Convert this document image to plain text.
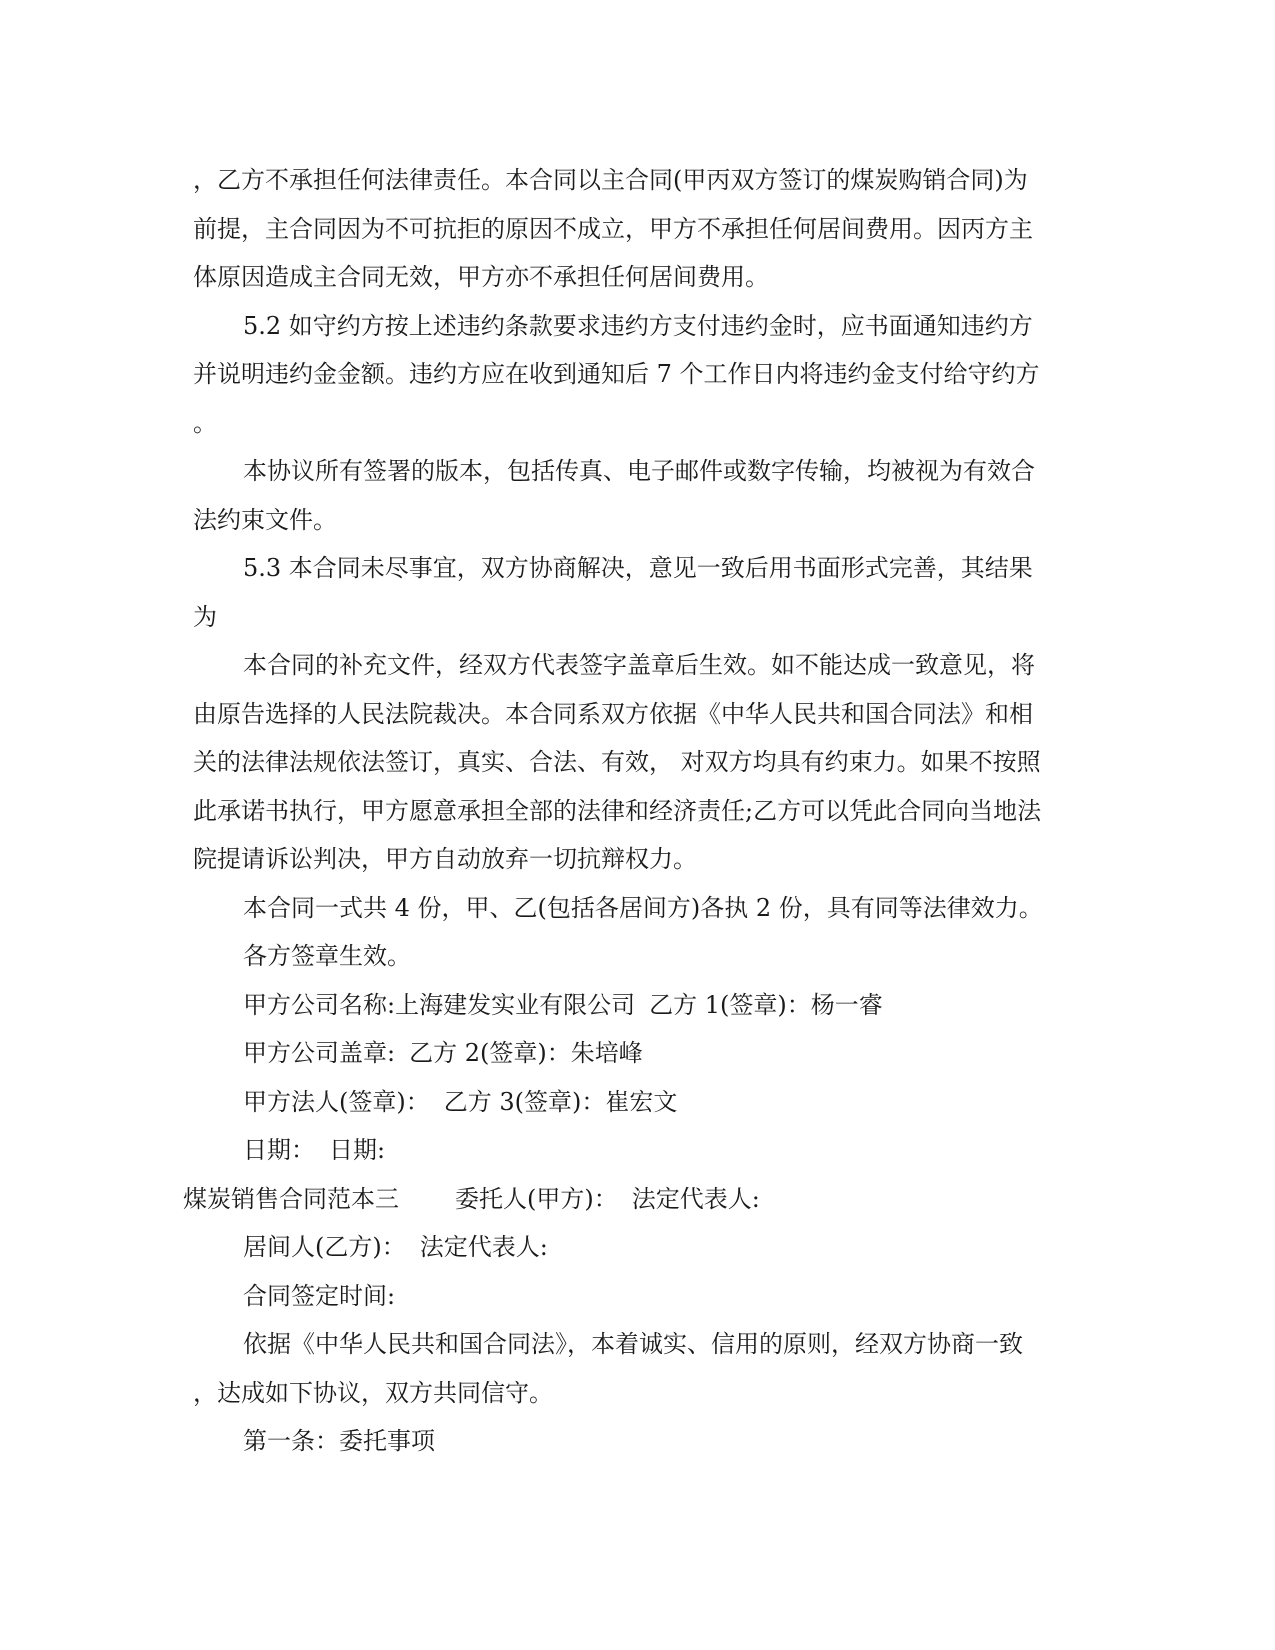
，乙方不承担任何法律责任。本合同以主合同(甲丙双方签订的煤炭购销合同)为
前提，主合同因为不可抗拒的原因不成立，甲方不承担任何居间费用。因丙方主
体原因造成主合同无效，甲方亦不承担任何居间费用。
5.2 如守约方按上述违约条款要求违约方支付违约金时，应书面通知违约方
并说明违约金金额。违约方应在收到通知后 7 个工作日内将违约金支付给守约方
。
本协议所有签署的版本，包括传真、电子邮件或数字传输，均被视为有效合
法约束文件。
5.3 本合同未尽事宜，双方协商解决，意见一致后用书面形式完善，其结果
为
本合同的补充文件，经双方代表签字盖章后生效。如不能达成一致意见，将
由原告选择的人民法院裁决。本合同系双方依据《中华人民共和国合同法》和相
关的法律法规依法签订，真实、合法、有效， 对双方均具有约束力。如果不按照
此承诺书执行，甲方愿意承担全部的法律和经济责任;乙方可以凭此合同向当地法
院提请诉讼判决，甲方自动放弃一切抗辩权力。
本合同一式共 4 份，甲、乙(包括各居间方)各执 2 份，具有同等法律效力。
各方签章生效。
甲方公司名称:上海建发实业有限公司 乙方 1(签章)：杨一睿
甲方公司盖章: 乙方 2(签章)：朱培峰
甲方法人(签章)： 乙方 3(签章)：崔宏文
日期： 日期:
煤炭销售合同范本三 委托人(甲方)： 法定代表人:
居间人(乙方)： 法定代表人:
合同签定时间:
依据《中华人民共和国合同法》，本着诚实、信用的原则，经双方协商一致
，达成如下协议，双方共同信守。
第一条：委托事项
